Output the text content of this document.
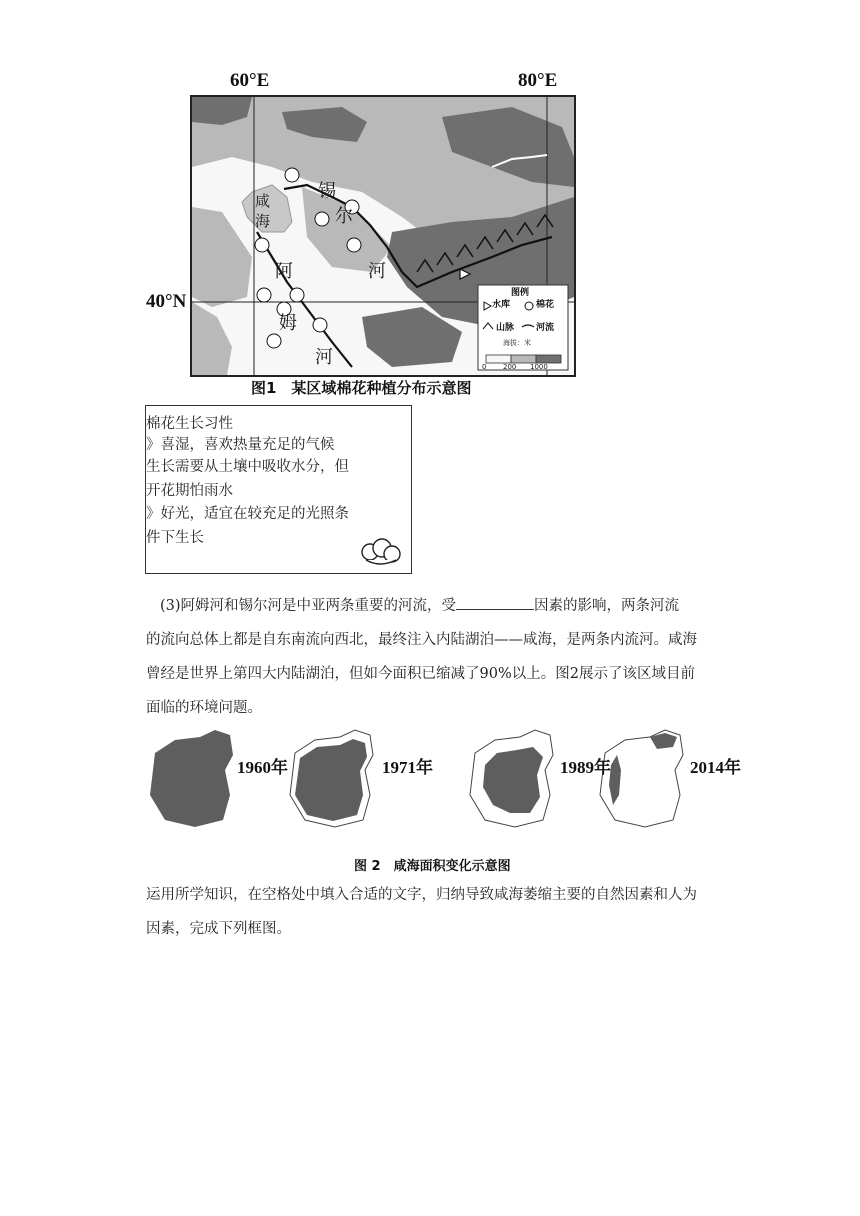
60°E	80°E
40°N
咸
海
锡
尔
河
阿
姆
河
图例
水库	棉花
山脉 河流
海拔：米
0 200 1000
图1　某区域棉花种植分布示意图
棉花生长习性
》喜湿，喜欢热量充足的气候
生长需要从土壤中吸收水分，但
开花期怕雨水
》好光，适宜在较充足的光照条
件下生长
(3)阿姆河和锡尔河是中亚两条重要的河流，受	因素的影响，两条河流
的流向总体上都是自东南流向西北，最终注入内陆湖泊——咸海，是两条内流河。咸海
曾经是世界上第四大内陆湖泊，但如今面积已缩减了90%以上。图2展示了该区域目前
面临的环境问题。
1960年	1971年	1989年	2014年
图 2　咸海面积变化示意图
运用所学知识，在空格处中填入合适的文字，归纳导致咸海萎缩主要的自然因素和人为
因素，完成下列框图。
